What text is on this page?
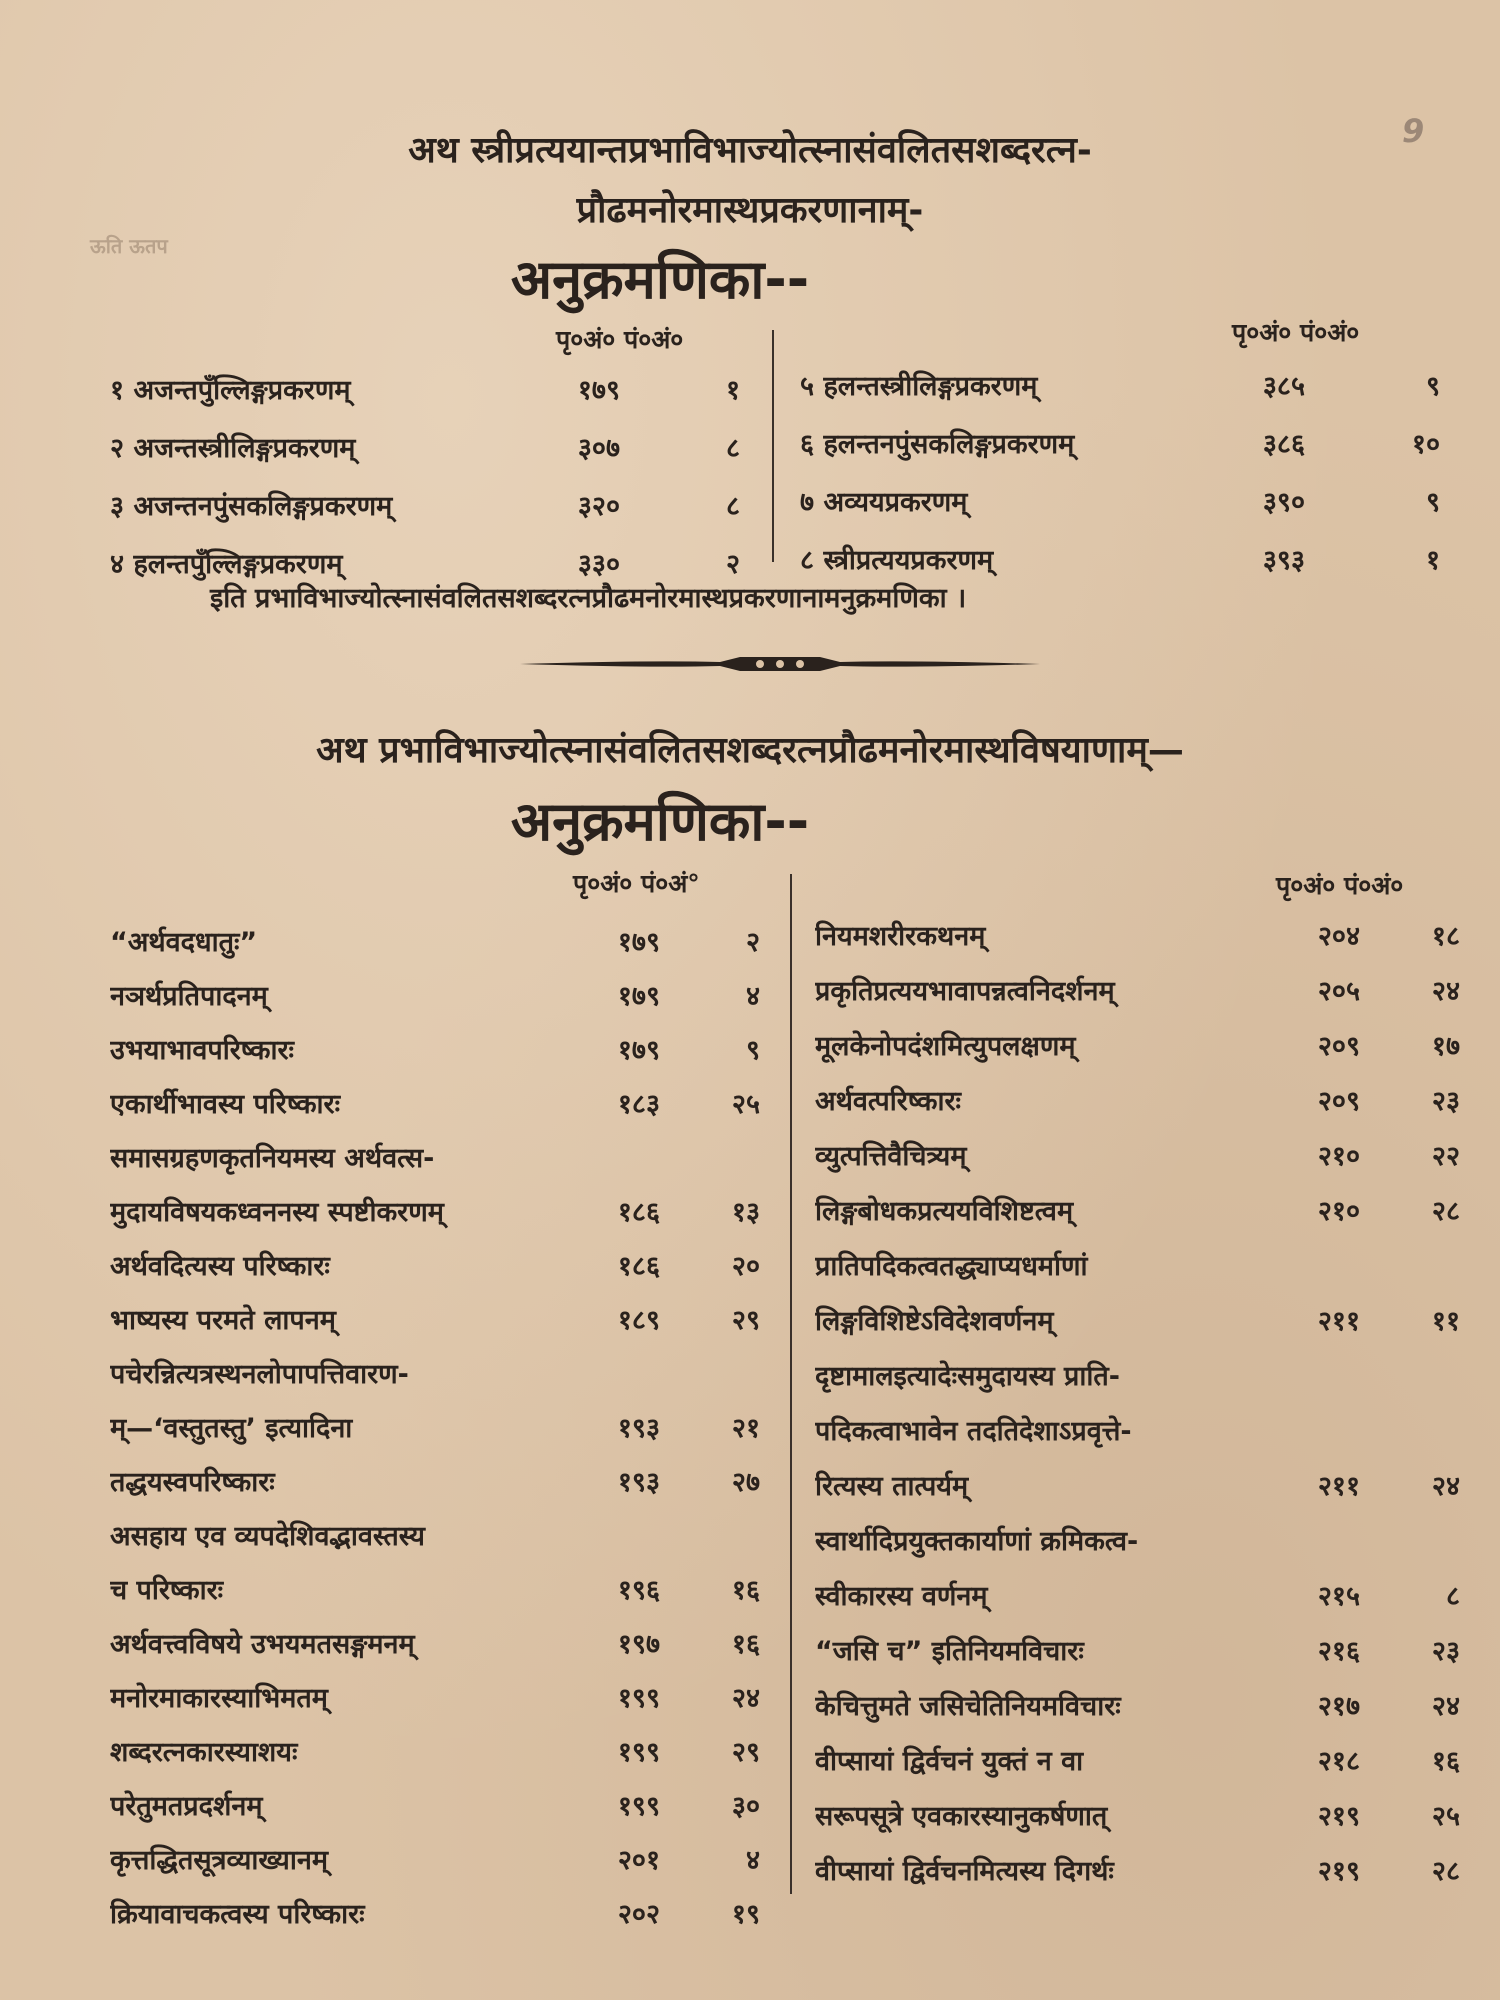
9
ऊति ऊतप
अथ स्त्रीप्रत्ययान्तप्रभाविभाज्योत्स्नासंवलितसशब्दरत्न-
प्रौढमनोरमास्थप्रकरणानाम्-
अनुक्रमणिका--
पृ०अं० पं०अं०	पृ०अं० पं०अं०
१ अजन्तपुँल्लिङ्गप्रकरणम्	१७९	१
२ अजन्तस्त्रीलिङ्गप्रकरणम्	३०७	८
३ अजन्तनपुंसकलिङ्गप्रकरणम्	३२०	८
४ हलन्तपुँल्लिङ्गप्रकरणम्	३३०	२
५ हलन्तस्त्रीलिङ्गप्रकरणम्	३८५	९
६ हलन्तनपुंसकलिङ्गप्रकरणम्	३८६	१०
७ अव्ययप्रकरणम्	३९०	९
८ स्त्रीप्रत्ययप्रकरणम्	३९३	१
इति प्रभाविभाज्योत्स्नासंवलितसशब्दरत्नप्रौढमनोरमास्थप्रकरणानामनुक्रमणिका ।
अथ प्रभाविभाज्योत्स्नासंवलितसशब्दरत्नप्रौढमनोरमास्थविषयाणाम्—
अनुक्रमणिका--
पृ०अं० पं०अं°	पृ०अं० पं०अं०
“अर्थवदधातुः”	१७९	२
नञर्थप्रतिपादनम्	१७९	४
उभयाभावपरिष्कारः	१७९	९
एकार्थीभावस्य परिष्कारः	१८३	२५
समासग्रहणकृतनियमस्य अर्थवत्स-
मुदायविषयकध्वननस्य स्पष्टीकरणम्	१८६	१३
अर्थवदित्यस्य परिष्कारः	१८६	२०
भाष्यस्य परमते लापनम्	१८९	२९
पचेरन्नित्यत्रस्थनलोपापत्तिवारण-
म्—‘वस्तुतस्तु’ इत्यादिना	१९३	२१
तद्धयस्वपरिष्कारः	१९३	२७
असहाय एव व्यपदेशिवद्भावस्तस्य
च परिष्कारः	१९६	१६
अर्थवत्त्वविषये उभयमतसङ्गमनम्	१९७	१६
मनोरमाकारस्याभिमतम्	१९९	२४
शब्दरत्नकारस्याशयः	१९९	२९
परेतुमतप्रदर्शनम्	१९९	३०
कृत्तद्धितसूत्रव्याख्यानम्	२०१	४
क्रियावाचकत्वस्य परिष्कारः	२०२	१९
नियमशरीरकथनम्	२०४	१८
प्रकृतिप्रत्ययभावापन्नत्वनिदर्शनम्	२०५	२४
मूलकेनोपदंशमित्युपलक्षणम्	२०९	१७
अर्थवत्परिष्कारः	२०९	२३
व्युत्पत्तिवैचित्र्यम्	२१०	२२
लिङ्गबोधकप्रत्ययविशिष्टत्वम्	२१०	२८
प्रातिपदिकत्वतद्ध्याप्यधर्माणां
लिङ्गविशिष्टेऽविदेशवर्णनम्	२११	११
दृष्टामालइत्यादेःसमुदायस्य प्राति-
पदिकत्वाभावेन तदतिदेशाऽप्रवृत्ते-
रित्यस्य तात्पर्यम्	२११	२४
स्वार्थादिप्रयुक्तकार्याणां क्रमिकत्व-
स्वीकारस्य वर्णनम्	२१५	८
“जसि च” इतिनियमविचारः	२१६	२३
केचित्तुमते जसिचेतिनियमविचारः	२१७	२४
वीप्सायां द्विर्वचनं युक्तं न वा	२१८	१६
सरूपसूत्रे एवकारस्यानुकर्षणात्	२१९	२५
वीप्सायां द्विर्वचनमित्यस्य दिगर्थः	२१९	२८
